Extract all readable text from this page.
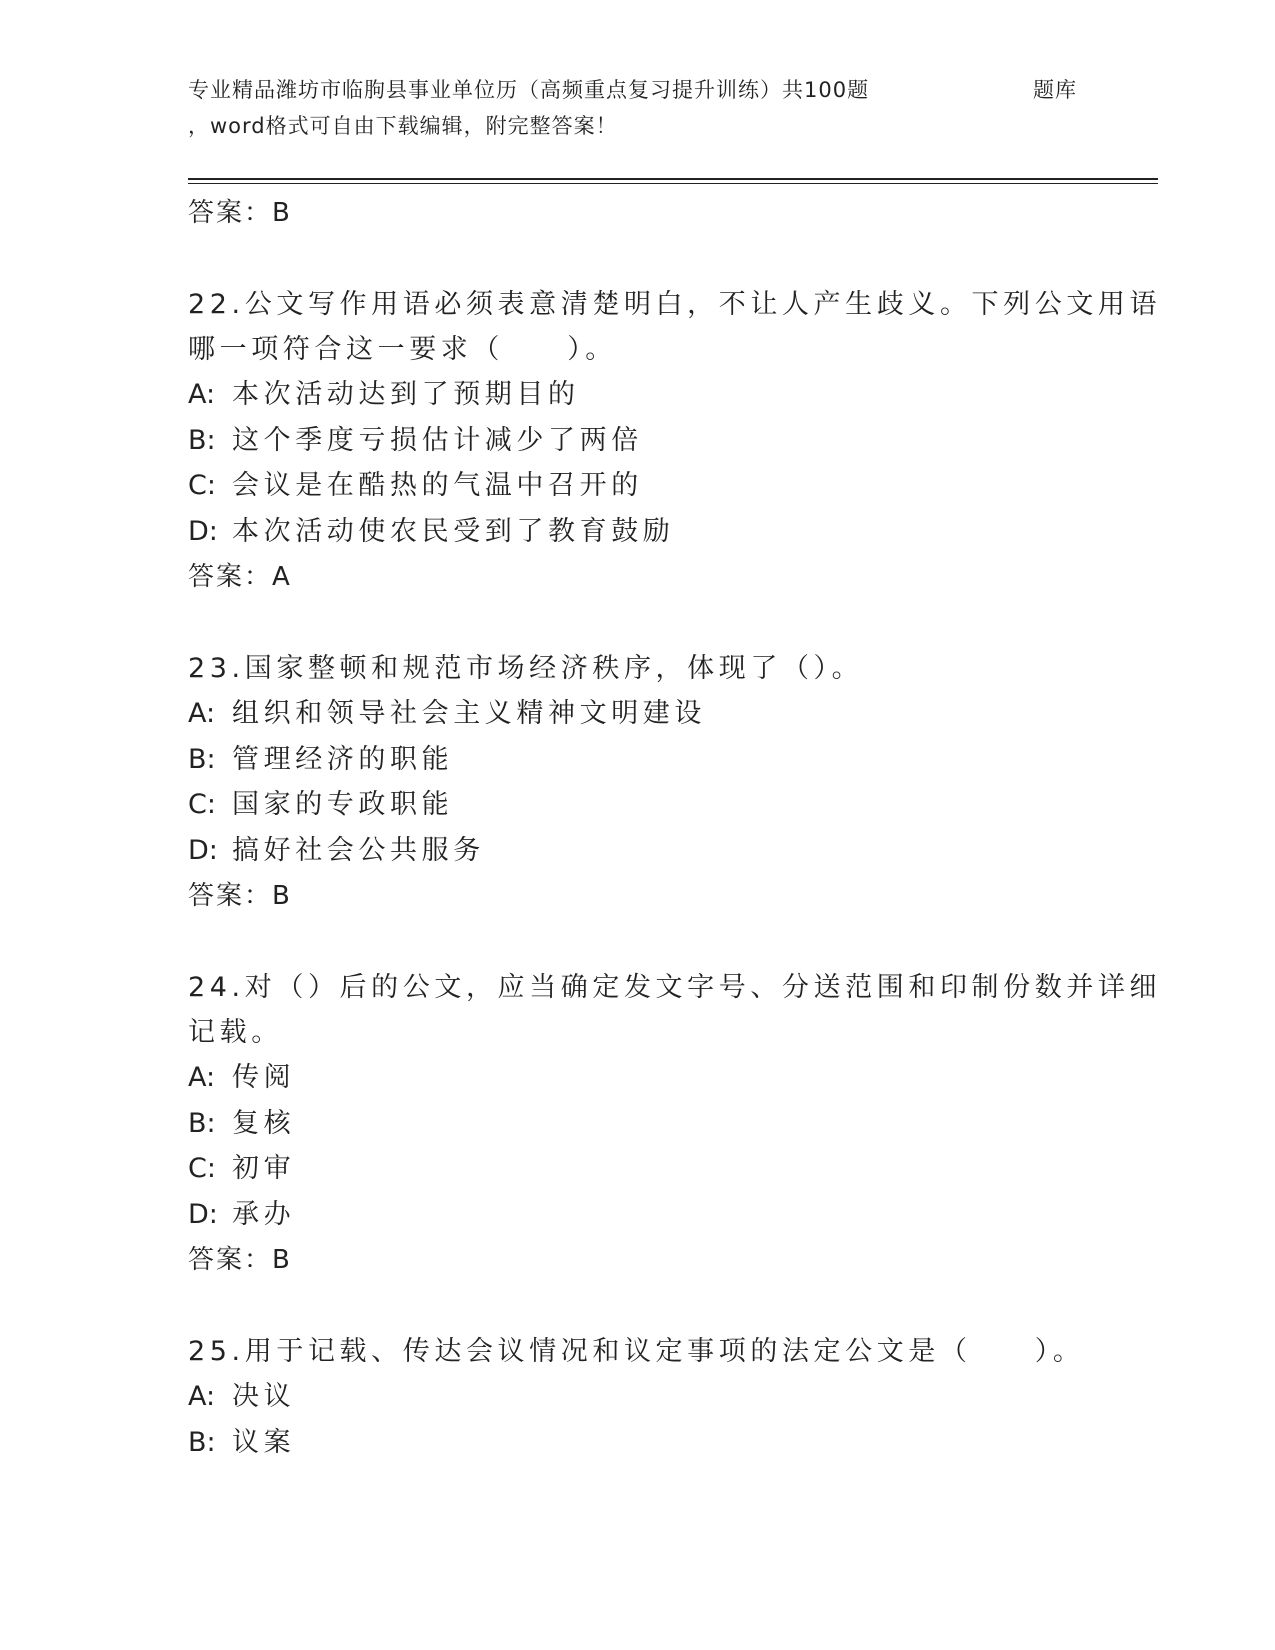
专业精品潍坊市临朐县事业单位历（高频重点复习提升训练）共100题
，word格式可自由下载编辑，附完整答案！
题库
答案：B
22.公文写作用语必须表意清楚明白，不让人产生歧义。下列公文用语
哪一项符合这一要求（　　）。
A: 本次活动达到了预期目的
B: 这个季度亏损估计减少了两倍
C: 会议是在酷热的气温中召开的
D: 本次活动使农民受到了教育鼓励
答案：A
23.国家整顿和规范市场经济秩序，体现了（）。
A: 组织和领导社会主义精神文明建设
B: 管理经济的职能
C: 国家的专政职能
D: 搞好社会公共服务
答案：B
24.对（）后的公文，应当确定发文字号、分送范围和印制份数并详细
记载。
A: 传阅
B: 复核
C: 初审
D: 承办
答案：B
25.用于记载、传达会议情况和议定事项的法定公文是（　　）。
A: 决议
B: 议案
